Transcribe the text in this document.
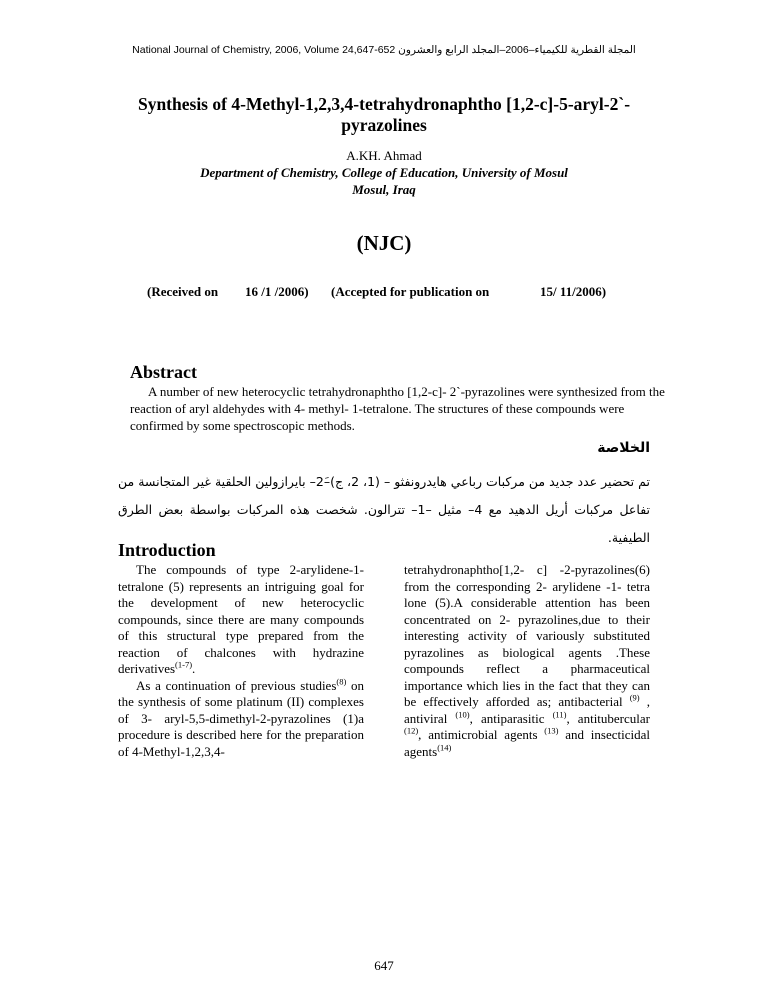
National Journal of Chemistry, 2006, Volume 24,647-652 المجلة القطرية للكيمياء–2006–المجلد الرابع والعشرون
Synthesis of 4-Methyl-1,2,3,4-tetrahydronaphtho [1,2-c]-5-aryl-2`-pyrazolines
A.KH. Ahmad
Department of Chemistry, College of Education, University of Mosul
Mosul, Iraq
(NJC)
(Received on 16 /1 /2006) (Accepted for publication on	15/ 11/2006)
Abstract
A number of new heterocyclic tetrahydronaphtho [1,2-c]- 2`-pyrazolines were synthesized from the reaction of aryl aldehydes with 4- methyl- 1-tetralone. The structures of these compounds were confirmed by some spectroscopic methods.
الخلاصة
تم تحضير عدد جديد من مركبات رباعي هايدرونفثو – (1، 2، ج)–2َ– بايرازولين الحلقية غير المتجانسة من تفاعل مركبات أريل الدهيد مع 4– مثيل –1– تترالون. شخصت هذه المركبات بواسطة بعض الطرق الطيفية.
Introduction

The compounds of type 2-arylidene-1-tetralone (5) represents an intriguing goal for the development of new heterocyclic compounds, since there are many compounds of this structural type prepared from the reaction of chalcones with hydrazine derivatives$^{(1-7)}$.

As a continuation of previous studies$^{(8)}$ on the synthesis of some platinum (II) complexes of 3- aryl-5,5-dimethyl-2-pyrazolines (1)a procedure is described here for the preparation of 4-Methyl-1,2,3,4-

tetrahydronaphtho[1,2- c] -2-pyrazolines(6) from the corresponding 2- arylidene -1- tetra lone (5).A considerable attention has been concentrated on 2- pyrazolines,due to their interesting activity of variously substituted pyrazolines as biological agents .These compounds reflect a pharmaceutical importance which lies in the fact that they can be effectively afforded as; antibacterial $^{(9)}$ , antiviral $^{(10)}$, antiparasitic $^{(11)}$, antitubercular $^{(12)}$, antimicrobial agents $^{(13)}$ and insecticidal agents$^{(14)}$

647
